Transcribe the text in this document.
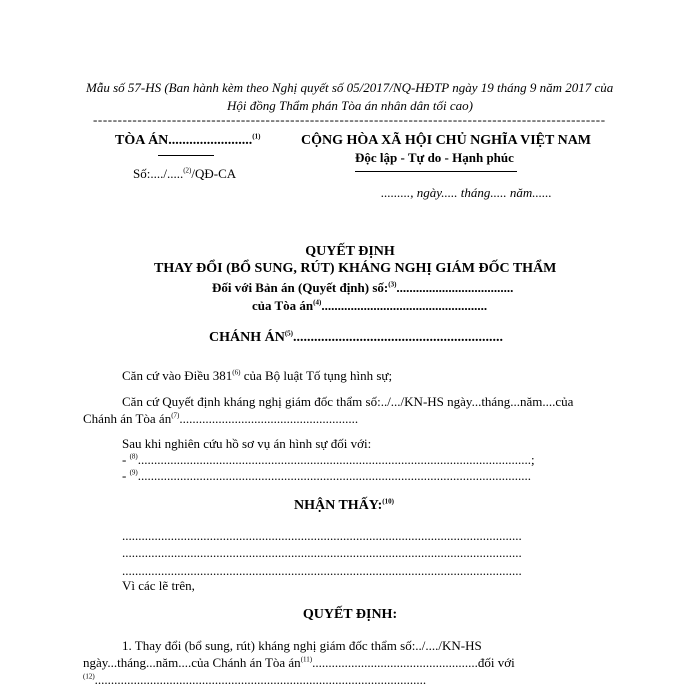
Mẫu số 57-HS (Ban hành kèm theo Nghị quyết số 05/2017/NQ-HĐTP ngày 19 tháng 9 năm 2017 của
Hội đồng Thẩm phán Tòa án nhân dân tối cao)
--------------------------------------------------------------------------------------------------------
TÒA ÁN........................$^{(1)}$
Số:..../.....$^{(2)}$/QĐ-CA
CỘNG HÒA XÃ HỘI CHỦ NGHĨA VIỆT NAM
Độc lập - Tự do - Hạnh phúc
........., ngày..... tháng..... năm......
QUYẾT ĐỊNH
THAY ĐỔI (BỔ SUNG, RÚT) KHÁNG NGHỊ GIÁM ĐỐC THẨM
Đối với Bản án (Quyết định) số:$^{(3)}$....................................
của Tòa $án^{(4)}$...................................................
CHÁNH ÁN$^{(5)}$............................................................
Căn cứ vào Điều 381$^{(6)}$ của Bộ luật Tố tụng hình sự;
Căn cứ Quyết định kháng nghị giám đốc thẩm số:../.../KN-HS ngày...tháng...năm....của
Chánh án Tòa $án^{(7)}$.......................................................
Sau khi nghiên cứu hồ sơ vụ án hình sự đối với:
- $^{(8)}$.........................................................................................................................;
- $^{(9)}$.........................................................................................................................
NHẬN THẤY:$^{(10)}$
...........................................................................................................................
...........................................................................................................................
...........................................................................................................................
Vì các lẽ trên,
QUYẾT ĐỊNH:
1. Thay đổi (bổ sung, rút) kháng nghị giám đốc thẩm số:../..../KN-HS
ngày...tháng...năm....của Chánh án Tòa $án^{(11)}...................................................đối$ với
$^{(12)}$......................................................................................................
